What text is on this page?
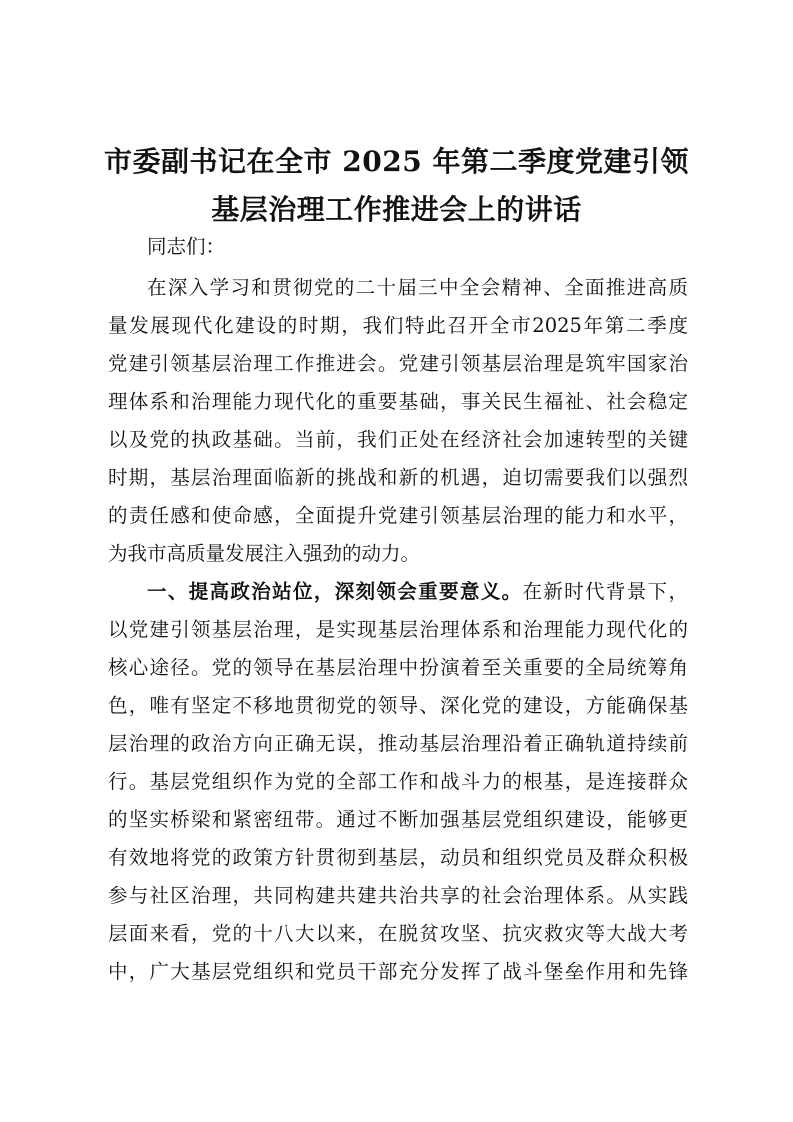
市委副书记在全市 2025 年第二季度党建引领
基层治理工作推进会上的讲话
同志们：
在深入学习和贯彻党的二十届三中全会精神、全面推进高质
量发展现代化建设的时期，我们特此召开全市2025年第二季度
党建引领基层治理工作推进会。党建引领基层治理是筑牢国家治
理体系和治理能力现代化的重要基础，事关民生福祉、社会稳定
以及党的执政基础。当前，我们正处在经济社会加速转型的关键
时期，基层治理面临新的挑战和新的机遇，迫切需要我们以强烈
的责任感和使命感，全面提升党建引领基层治理的能力和水平，
为我市高质量发展注入强劲的动力。
一、提高政治站位，深刻领会重要意义。在新时代背景下，
以党建引领基层治理，是实现基层治理体系和治理能力现代化的
核心途径。党的领导在基层治理中扮演着至关重要的全局统筹角
色，唯有坚定不移地贯彻党的领导、深化党的建设，方能确保基
层治理的政治方向正确无误，推动基层治理沿着正确轨道持续前
行。基层党组织作为党的全部工作和战斗力的根基，是连接群众
的坚实桥梁和紧密纽带。通过不断加强基层党组织建设，能够更
有效地将党的政策方针贯彻到基层，动员和组织党员及群众积极
参与社区治理，共同构建共建共治共享的社会治理体系。从实践
层面来看，党的十八大以来，在脱贫攻坚、抗灾救灾等大战大考
中，广大基层党组织和党员干部充分发挥了战斗堡垒作用和先锋
